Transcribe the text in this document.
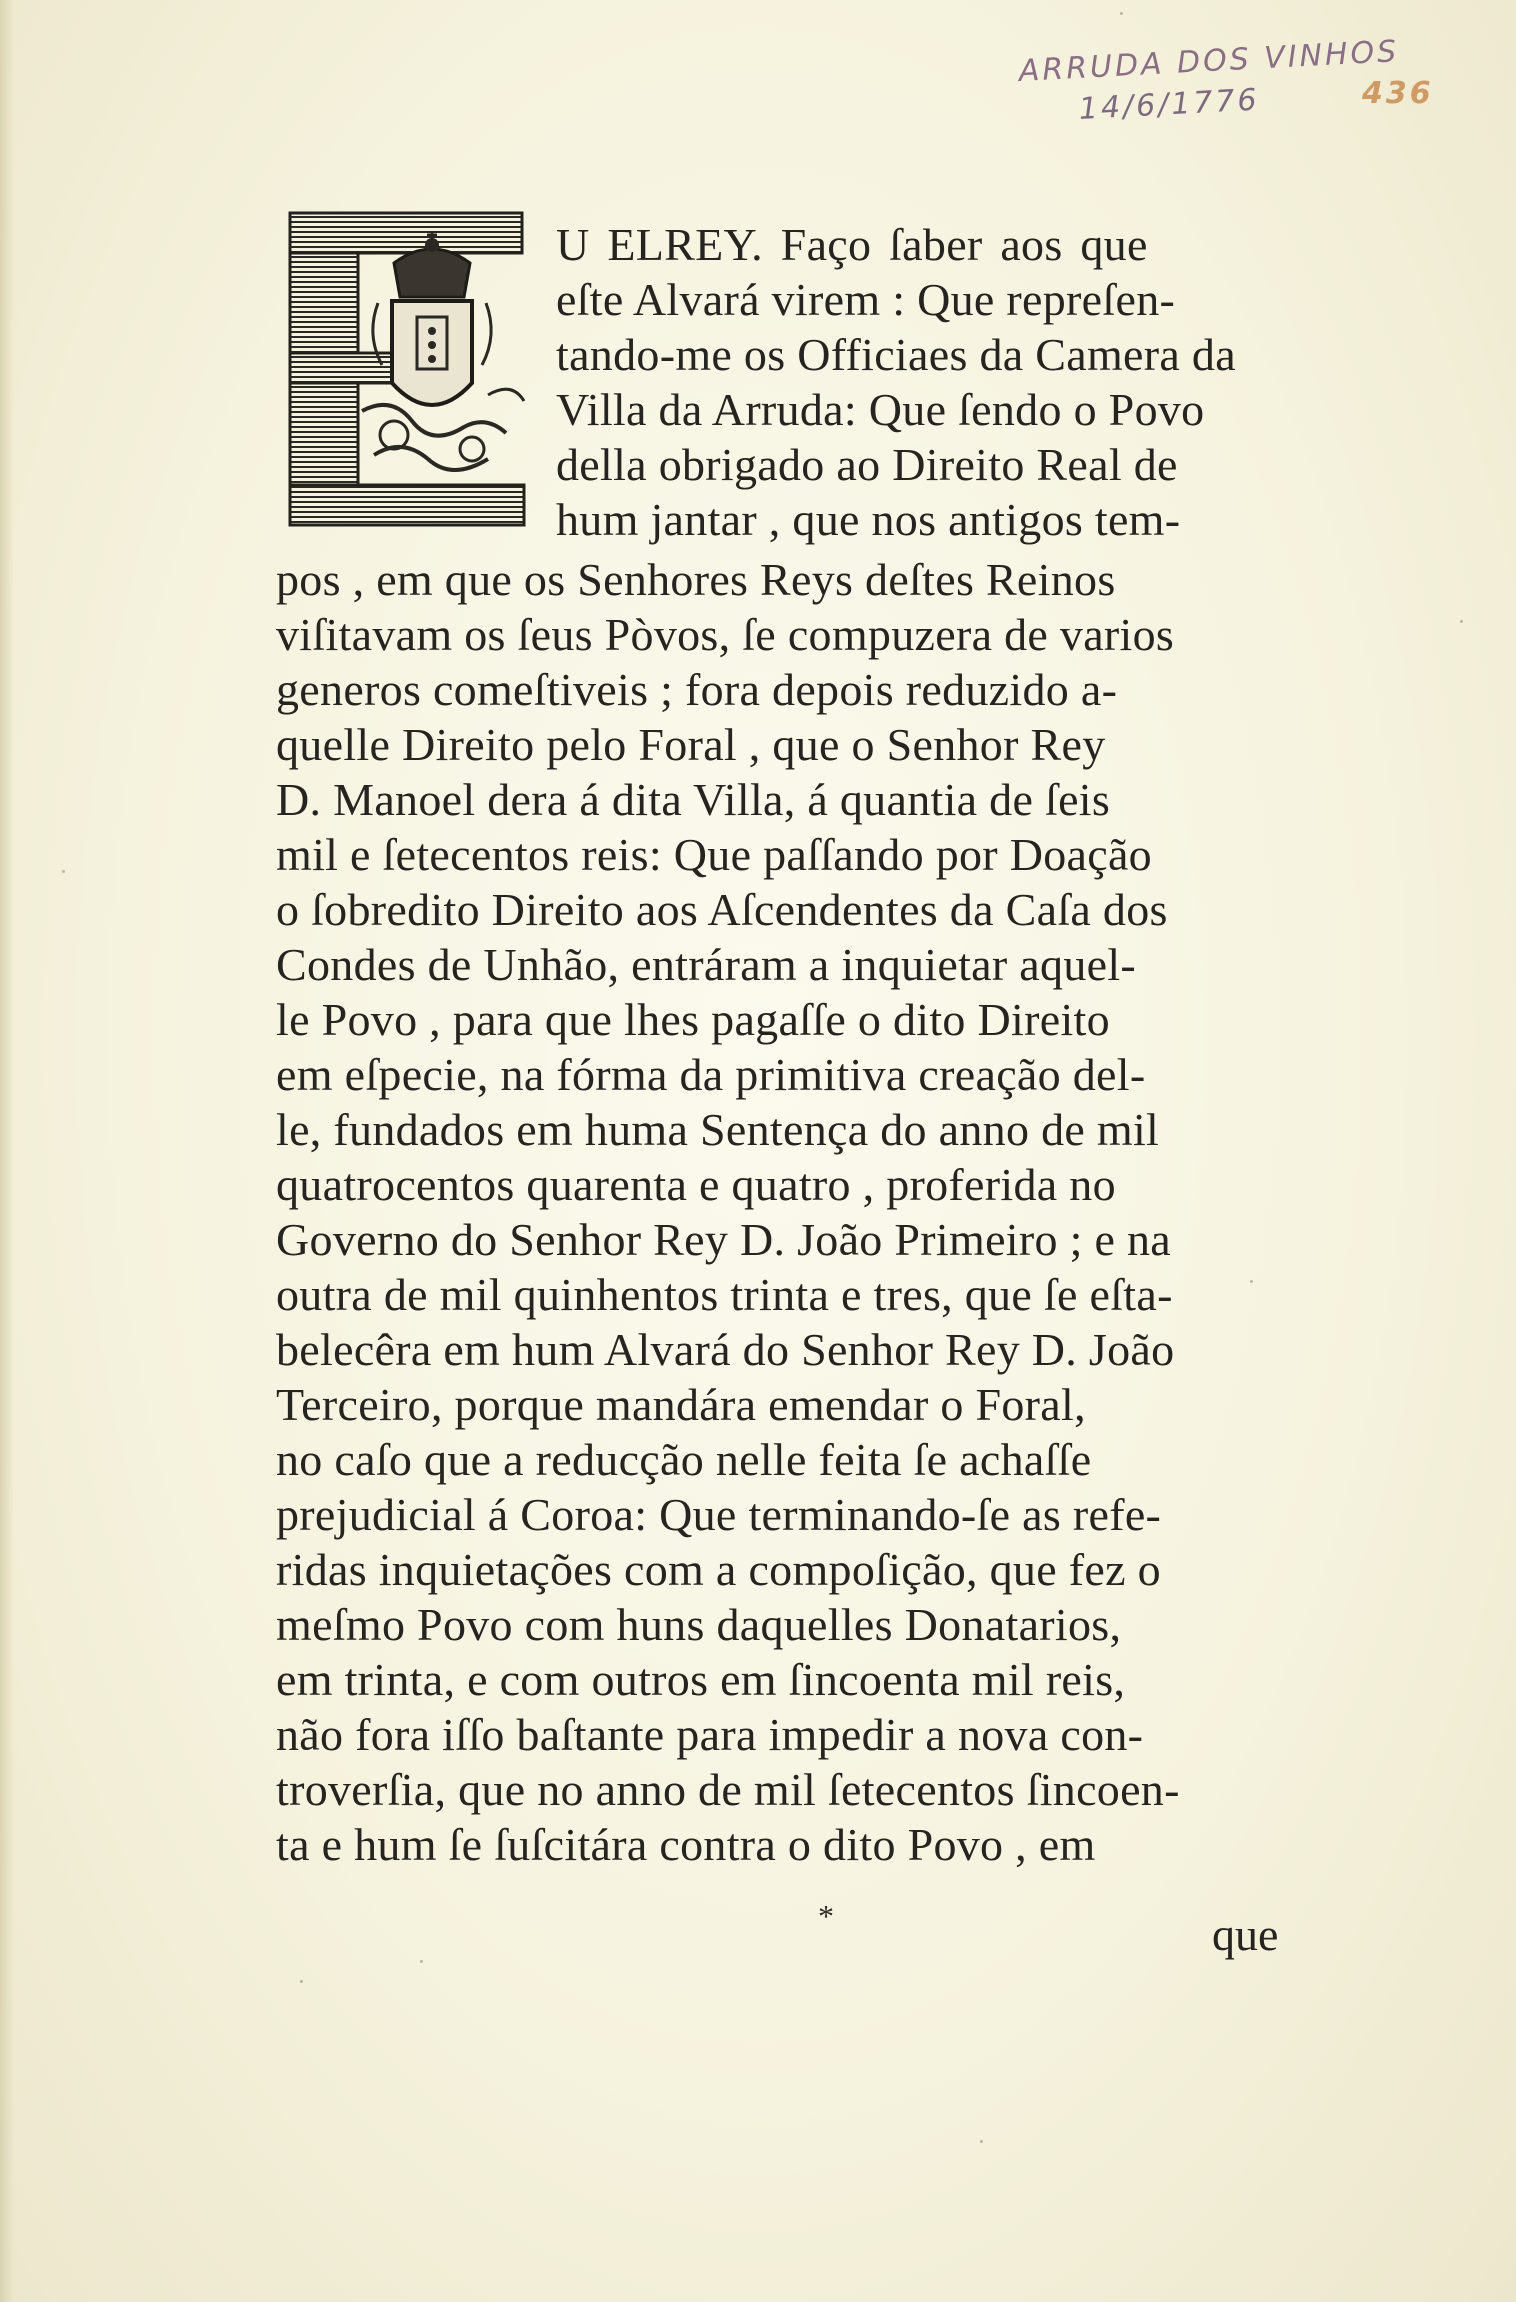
ARRUDA DOS VINHOS
14/6/1776	436
U ELREY. Faço ſaber aos que
eſte Alvará virem : Que repreſen-
tando-me os Officiaes da Camera da
Villa da Arruda: Que ſendo o Povo
della obrigado ao Direito Real de
hum jantar , que nos antigos tem-
pos , em que os Senhores Reys deſtes Reinos
viſitavam os ſeus Pòvos, ſe compuzera de varios
generos comeſtiveis ; fora depois reduzido a-
quelle Direito pelo Foral , que o Senhor Rey
D. Manoel dera á dita Villa, á quantia de ſeis
mil e ſetecentos reis: Que paſſando por Doação
o ſobredito Direito aos Aſcendentes da Caſa dos
Condes de Unhão, entráram a inquietar aquel-
le Povo , para que lhes pagaſſe o dito Direito
em eſpecie, na fórma da primitiva creação del-
le, fundados em huma Sentença do anno de mil
quatrocentos quarenta e quatro , proferida no
Governo do Senhor Rey D. João Primeiro ; e na
outra de mil quinhentos trinta e tres, que ſe eſta-
belecêra em hum Alvará do Senhor Rey D. João
Terceiro, porque mandára emendar o Foral,
no caſo que a reducção nelle feita ſe achaſſe
prejudicial á Coroa: Que terminando-ſe as refe-
ridas inquietações com a compoſição, que fez o
meſmo Povo com huns daquelles Donatarios,
em trinta, e com outros em ſincoenta mil reis,
não fora iſſo baſtante para impedir a nova con-
troverſia, que no anno de mil ſetecentos ſincoen-
ta e hum ſe ſuſcitára contra o dito Povo , em
*	que
